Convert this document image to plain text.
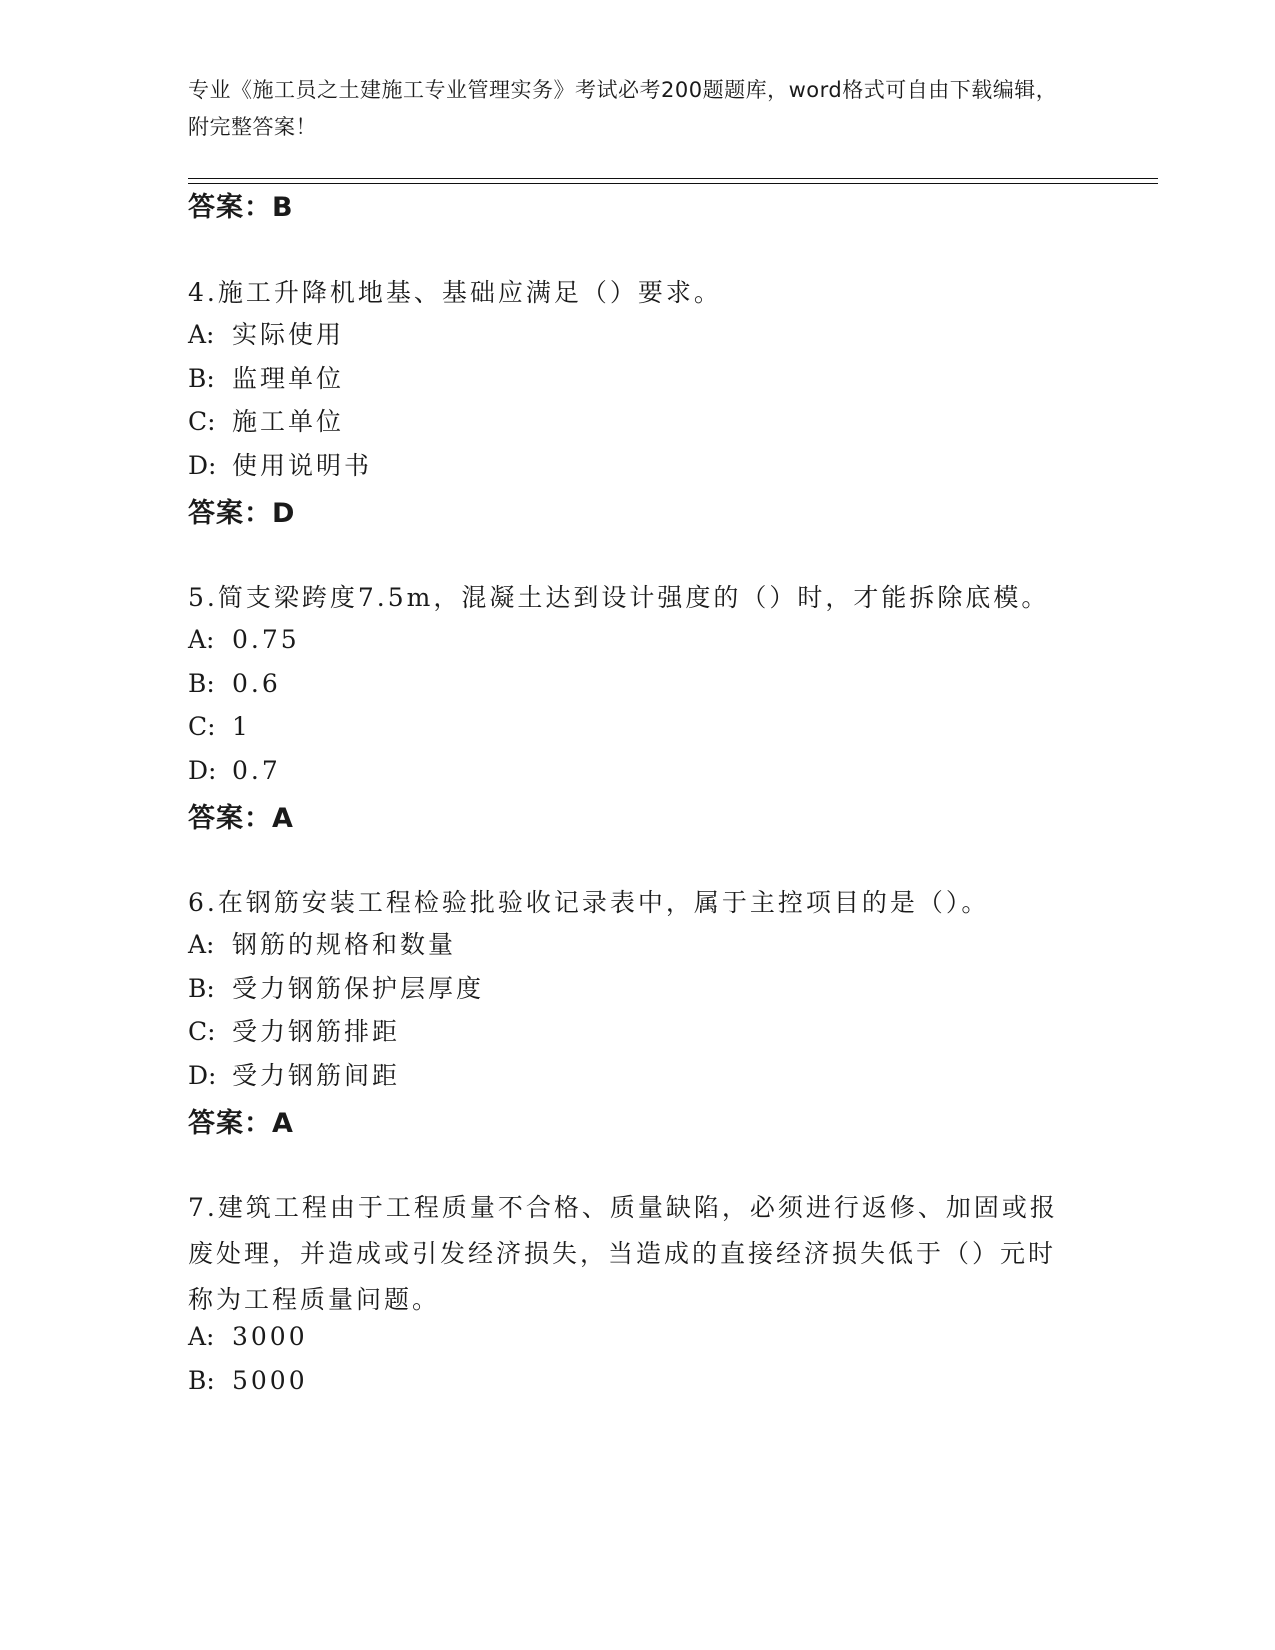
专业《施工员之土建施工专业管理实务》考试必考200题题库，word格式可自由下载编辑，附完整答案！
答案：B
4.施工升降机地基、基础应满足（）要求。
A: 实际使用
B: 监理单位
C: 施工单位
D: 使用说明书
答案：D
5.简支梁跨度7.5m，混凝土达到设计强度的（）时，才能拆除底模。
A: 0.75
B: 0.6
C: 1
D: 0.7
答案：A
6.在钢筋安装工程检验批验收记录表中，属于主控项目的是（）。
A: 钢筋的规格和数量
B: 受力钢筋保护层厚度
C: 受力钢筋排距
D: 受力钢筋间距
答案：A
7.建筑工程由于工程质量不合格、质量缺陷，必须进行返修、加固或报废处理，并造成或引发经济损失，当造成的直接经济损失低于（）元时称为工程质量问题。
A: 3000
B: 5000
